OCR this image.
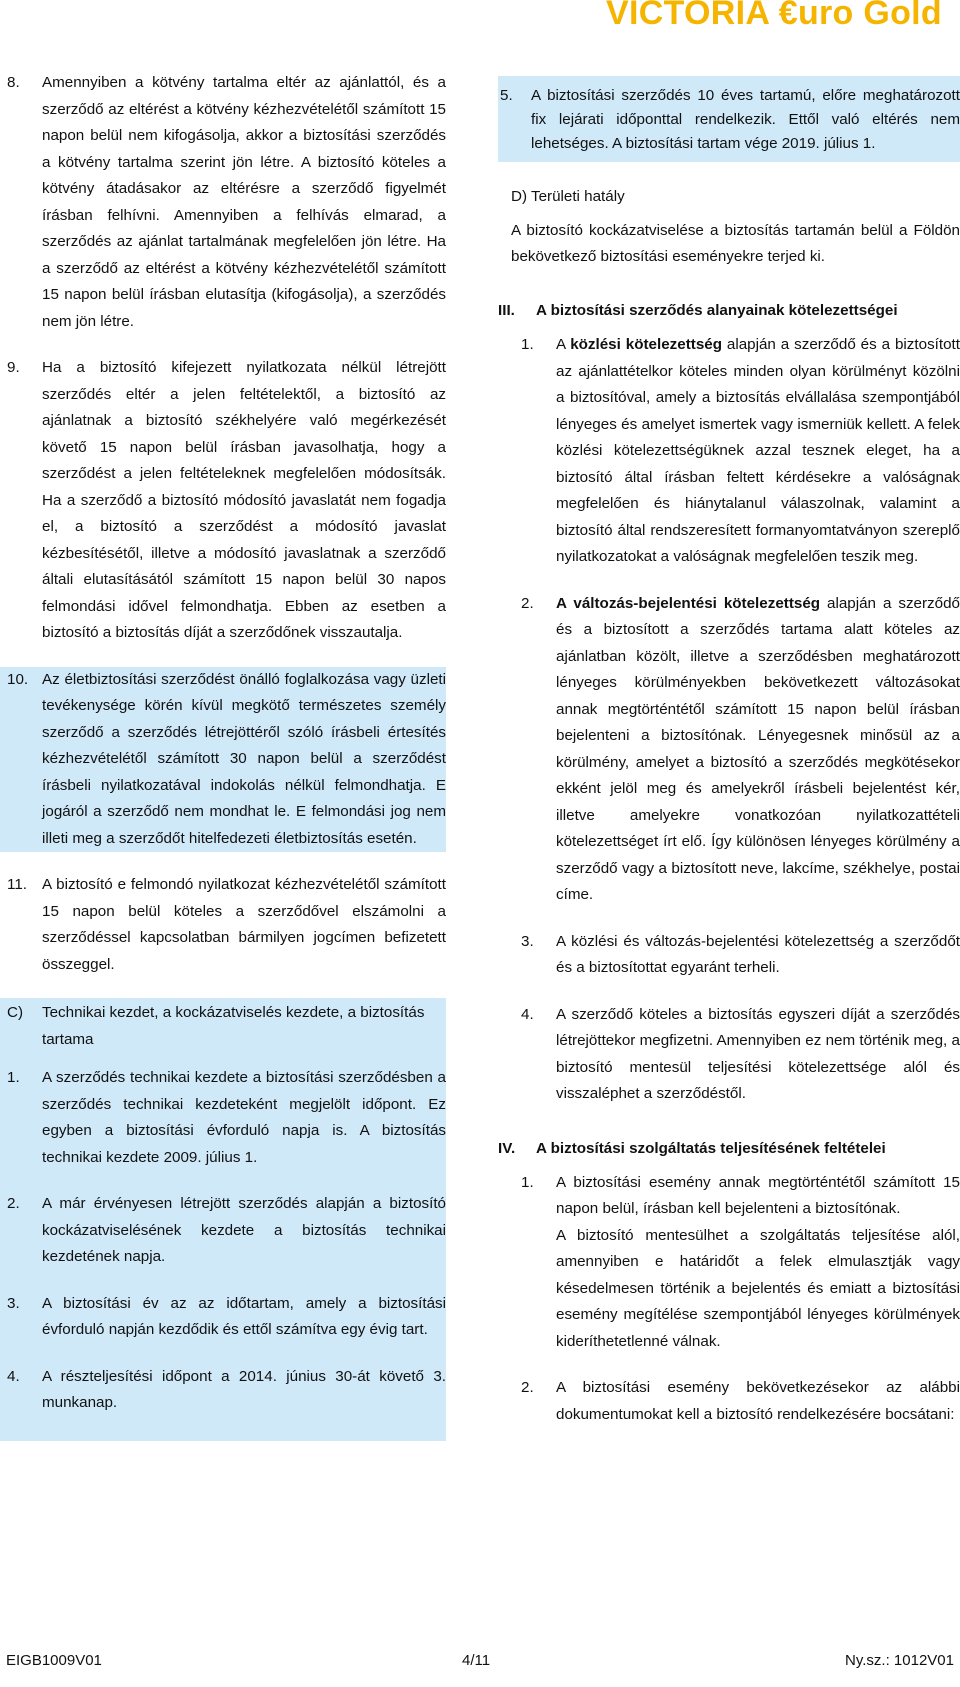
VICTORIA €uro Gold
8. Amennyiben a kötvény tartalma eltér az ajánlattól, és a szerződő az eltérést a kötvény kézhezvételétől számított 15 napon belül nem kifogásolja, akkor a biztosítási szerződés a kötvény tartalma szerint jön létre. A biztosító köteles a kötvény átadásakor az eltérésre a szerződő figyelmét írásban felhívni. Amennyiben a felhívás elmarad, a szerződés az ajánlat tartalmának megfelelően jön létre. Ha a szerződő az eltérést a kötvény kézhezvételétől számított 15 napon belül írásban elutasítja (kifogásolja), a szerződés nem jön létre.
9. Ha a biztosító kifejezett nyilatkozata nélkül létrejött szerződés eltér a jelen feltételektől, a biztosító az ajánlatnak a biztosító székhelyére való megérkezését követő 15 napon belül írásban javasolhatja, hogy a szerződést a jelen feltételeknek megfelelően módosítsák. Ha a szerződő a biztosító módosító javaslatát nem fogadja el, a biztosító a szerződést a módosító javaslat kézbesítésétől, illetve a módosító javaslatnak a szerződő általi elutasításától számított 15 napon belül 30 napos felmondási idővel felmondhatja. Ebben az esetben a biztosító a biztosítás díját a szerződőnek visszautalja.
10. Az életbiztosítási szerződést önálló foglalkozása vagy üzleti tevékenysége körén kívül megkötő természetes személy szerződő a szerződés létrejöttéről szóló írásbeli értesítés kézhezvételétől számított 30 napon belül a szerződést írásbeli nyilatkozatával indokolás nélkül felmondhatja. E jogáról a szerződő nem mondhat le. E felmondási jog nem illeti meg a szerződőt hitelfedezeti életbiztosítás esetén.
11. A biztosító e felmondó nyilatkozat kézhezvételétől számított 15 napon belül köteles a szerződővel elszámolni a szerződéssel kapcsolatban bármilyen jogcímen befizetett összeggel.
C) Technikai kezdet, a kockázatviselés kezdete, a biztosítás tartama
1. A szerződés technikai kezdete a biztosítási szerződésben a szerződés technikai kezdeteként megjelölt időpont. Ez egyben a biztosítási évforduló napja is. A biztosítás technikai kezdete 2009. július 1.
2. A már érvényesen létrejött szerződés alapján a biztosító kockázatviselésének kezdete a biztosítás technikai kezdetének napja.
3. A biztosítási év az az időtartam, amely a biztosítási évforduló napján kezdődik és ettől számítva egy évig tart.
4. A részteljesítési időpont a 2014. június 30-át követő 3. munkanap.
5. A biztosítási szerződés 10 éves tartamú, előre meghatározott fix lejárati időponttal rendelkezik. Ettől való eltérés nem lehetséges. A biztosítási tartam vége 2019. július 1.
D) Területi hatály
A biztosító kockázatviselése a biztosítás tartamán belül a Földön bekövetkező biztosítási eseményekre terjed ki.
III. A biztosítási szerződés alanyainak kötelezettségei
1. A közlési kötelezettség alapján a szerződő és a biztosított az ajánlattételkor köteles minden olyan körülményt közölni a biztosítóval, amely a biztosítás elvállalása szempontjából lényeges és amelyet ismertek vagy ismerniük kellett. A felek közlési kötelezettségüknek azzal tesznek eleget, ha a biztosító által írásban feltett kérdésekre a valóságnak megfelelően és hiánytalanul válaszolnak, valamint a biztosító által rendszeresített formanyomtatványon szereplő nyilatkozatokat a valóságnak megfelelően teszik meg.
2. A változás-bejelentési kötelezettség alapján a szerződő és a biztosított a szerződés tartama alatt köteles az ajánlatban közölt, illetve a szerződésben meghatározott lényeges körülményekben bekövetkezett változásokat annak megtörténtétől számított 15 napon belül írásban bejelenteni a biztosítónak. Lényegesnek minősül az a körülmény, amelyet a biztosító a szerződés megkötésekor ekként jelöl meg és amelyekről írásbeli bejelentést kér, illetve amelyekre vonatkozóan nyilatkozattételi kötelezettséget írt elő. Így különösen lényeges körülmény a szerződő vagy a biztosított neve, lakcíme, székhelye, postai címe.
3. A közlési és változás-bejelentési kötelezettség a szerződőt és a biztosítottat egyaránt terheli.
4. A szerződő köteles a biztosítás egyszeri díját a szerződés létrejöttekor megfizetni. Amennyiben ez nem történik meg, a biztosító mentesül teljesítési kötelezettsége alól és visszaléphet a szerződéstől.
IV. A biztosítási szolgáltatás teljesítésének feltételei
1. A biztosítási esemény annak megtörténtétől számított 15 napon belül, írásban kell bejelenteni a biztosítónak.
A biztosító mentesülhet a szolgáltatás teljesítése alól, amennyiben e határidőt a felek elmulasztják vagy késedelmesen történik a bejelentés és emiatt a biztosítási esemény megítélése szempontjából lényeges körülmények kideríthetetlenné válnak.
2. A biztosítási esemény bekövetkezésekor az alábbi dokumentumokat kell a biztosító rendelkezésére bocsátani:
EIGB1009V01	4/11	Ny.sz.: 1012V01
